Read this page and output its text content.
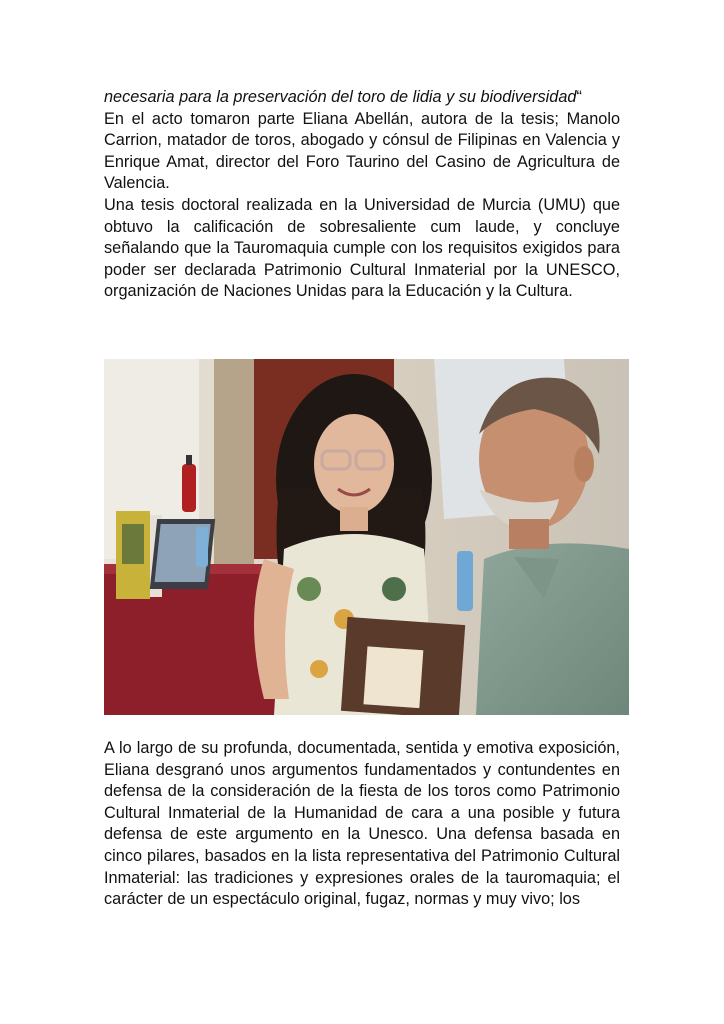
necesaria para la preservación del toro de lidia y su biodiversidad“

En el acto tomaron parte Eliana Abellán, autora de la tesis; Manolo Carrion, matador de toros, abogado y cónsul de Filipinas en Valencia y Enrique Amat, director del Foro Taurino del Casino de Agricultura de Valencia.

Una tesis doctoral realizada en la Universidad de Murcia (UMU) que obtuvo la calificación de sobresaliente cum laude, y concluye señalando que la Tauromaquia cumple con los requisitos exigidos para poder ser declarada Patrimonio Cultural Inmaterial por la UNESCO, organización de Naciones Unidas para la Educación y la Cultura.

A lo largo de su profunda, documentada, sentida y emotiva exposición, Eliana desgranó unos argumentos fundamentados y contundentes en defensa de la consideración de la fiesta de los toros como Patrimonio Cultural Inmaterial de la Humanidad de cara a una posible y futura defensa de este argumento en la Unesco. Una defensa basada en cinco pilares, basados en la lista representativa del Patrimonio Cultural Inmaterial: las tradiciones y expresiones orales de la tauromaquia; el carácter de un espectáculo original, fugaz, normas y muy vivo; los
